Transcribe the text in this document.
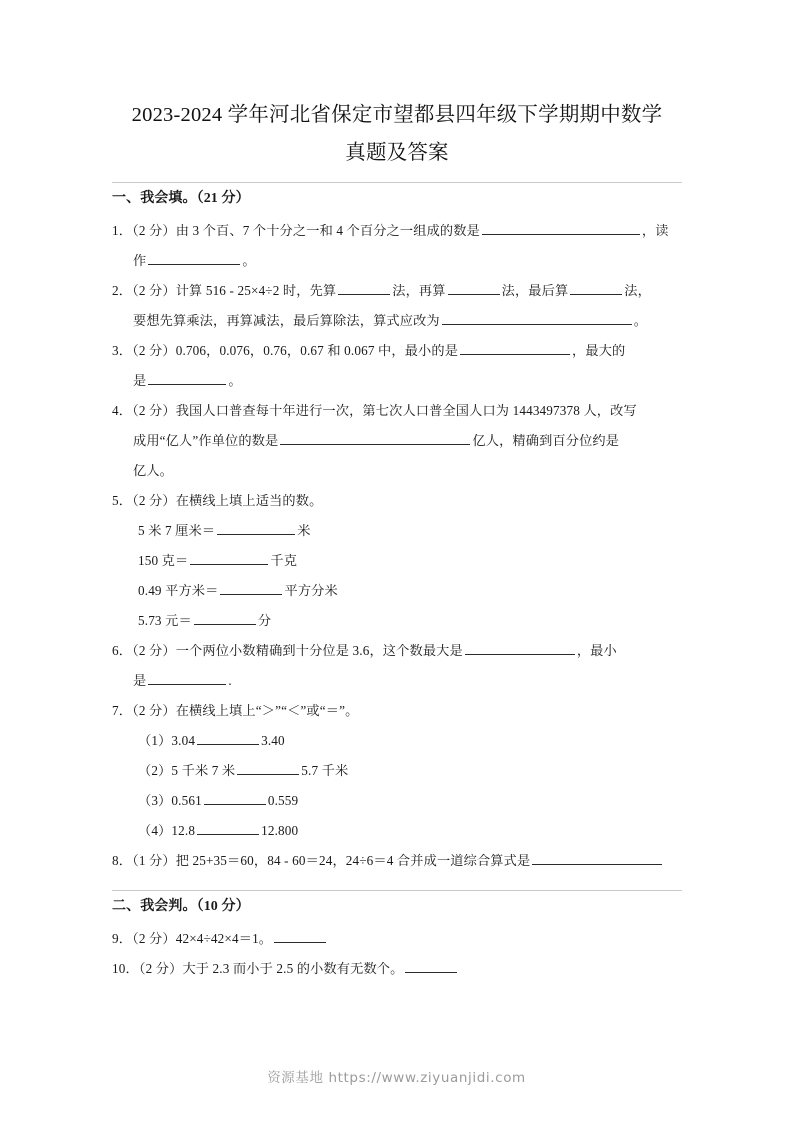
2023-2024 学年河北省保定市望都县四年级下学期期中数学
真题及答案
一、我会填。（21 分）
1．（2 分）由 3 个百、7 个十分之一和 4 个百分之一组成的数是	，读
作	。
2．（2 分）计算 516 - 25×4÷2 时，先算	法，再算	法，最后算	法，
要想先算乘法，再算减法，最后算除法，算式应改为	。
3．（2 分）0.706，0.076，0.76，0.67 和 0.067 中，最小的是	，最大的
是	。
4．（2 分）我国人口普查每十年进行一次，第七次人口普全国人口为 1443497378 人，改写
成用“亿人”作单位的数是	亿人，精确到百分位约是
亿人。
5．（2 分）在横线上填上适当的数。
5 米 7 厘米＝	米
150 克＝	千克
0.49 平方米＝	平方分米
5.73 元＝	分
6．（2 分）一个两位小数精确到十分位是 3.6，这个数最大是	，最小
是	.
7．（2 分）在横线上填上“＞”“＜”或“＝”。
（1）3.04	3.40
（2）5 千米 7 米	5.7 千米
（3）0.561	0.559
（4）12.8	12.800
8．（1 分）把 25+35＝60，84 - 60＝24，24÷6＝4 合并成一道综合算式是
二、我会判。（10 分）
9．（2 分）42×4÷42×4＝1。
10．（2 分）大于 2.3 而小于 2.5 的小数有无数个。
资源基地 https://www.ziyuanjidi.com
